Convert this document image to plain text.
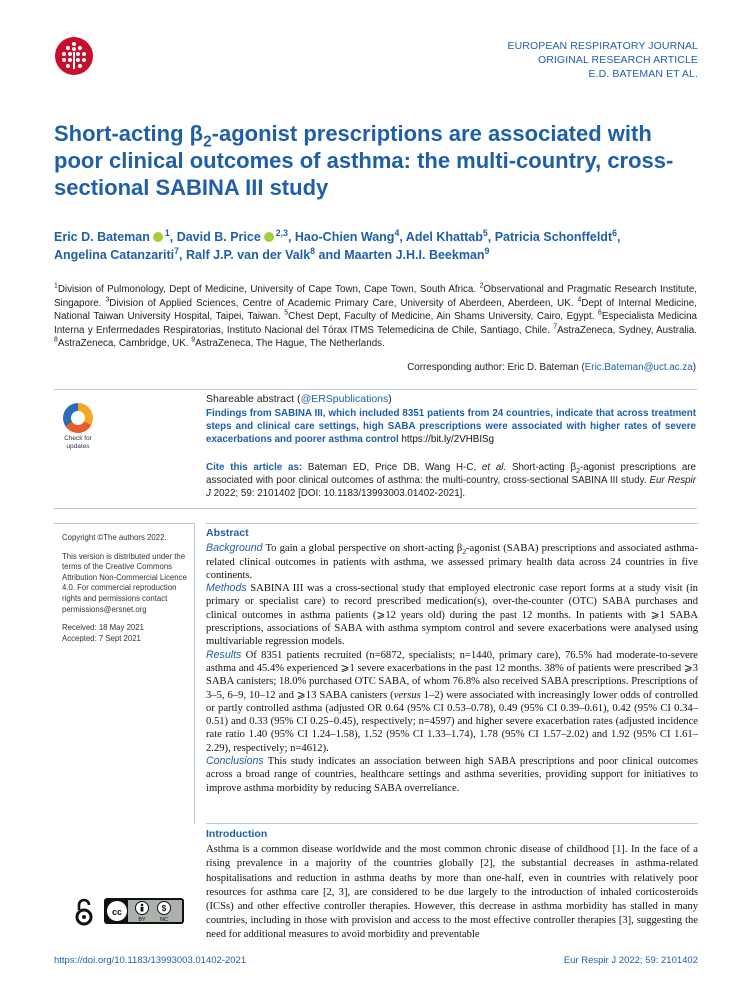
EUROPEAN RESPIRATORY JOURNAL
ORIGINAL RESEARCH ARTICLE
E.D. BATEMAN ET AL.
Short-acting $\beta_2$-agonist prescriptions are associated with poor clinical outcomes of asthma: the multi-country, cross-sectional SABINA III study
Eric D. Bateman $^1$, David B. Price $^{2,3}$, Hao-Chien Wang$^4$, Adel Khattab$^5$, Patricia Schonffeldt$^6$,
Angelina Catanzariti$^7$, Ralf J.P. van der Valk$^8$ and Maarten J.H.I. Beekman$^9$
$^1$Division of Pulmonology, Dept of Medicine, University of Cape Town, Cape Town, South Africa. $^2$Observational and Pragmatic Research Institute, Singapore. $^3$Division of Applied Sciences, Centre of Academic Primary Care, University of Aberdeen, Aberdeen, UK. $^4$Dept of Internal Medicine, National Taiwan University Hospital, Taipei, Taiwan. $^5$Chest Dept, Faculty of Medicine, Ain Shams University, Cairo, Egypt. $^6$Especialista Medicina Interna y Enfermedades Respiratorias, Instituto Nacional del Tórax ITMS Telemedicina de Chile, Santiago, Chile. $^7$AstraZeneca, Sydney, Australia. $^8$AstraZeneca, Cambridge, UK. $^9$AstraZeneca, The Hague, The Netherlands.
Corresponding author: Eric D. Bateman (Eric.Bateman@uct.ac.za)
Check for updates
Shareable abstract (@ERSpublications)
Findings from SABINA III, which included 8351 patients from 24 countries, indicate that across treatment steps and clinical care settings, high SABA prescriptions were associated with higher rates of severe exacerbations and poorer asthma control https://bit.ly/2VHBISg
Cite this article as: Bateman ED, Price DB, Wang H-C, et al. Short-acting $\beta_2$-agonist prescriptions are associated with poor clinical outcomes of asthma: the multi-country, cross-sectional SABINA III study. Eur Respir J 2022; 59: 2101402 [DOI: 10.1183/13993003.01402-2021].

Copyright ©The authors 2022.

This version is distributed under the terms of the Creative Commons Attribution Non-Commercial Licence 4.0. For commercial reproduction rights and permissions contact permissions@ersnet.org

Received: 18 May 2021

Accepted: 7 Sept 2021

Abstract
Background To gain a global perspective on short-acting $\beta_2$-agonist (SABA) prescriptions and associated asthma-related clinical outcomes in patients with asthma, we assessed primary health data across 24 countries in five continents.
Methods SABINA III was a cross-sectional study that employed electronic case report forms at a study visit (in primary or specialist care) to record prescribed medication(s), over-the-counter (OTC) SABA purchases and clinical outcomes in asthma patients (⩾12 years old) during the past 12 months. In patients with ⩾1 SABA prescriptions, associations of SABA with asthma symptom control and severe exacerbations were analysed using multivariable regression models.
Results Of 8351 patients recruited (n=6872, specialists; n=1440, primary care), 76.5% had moderate-to-severe asthma and 45.4% experienced ⩾1 severe exacerbations in the past 12 months. 38% of patients were prescribed ⩾3 SABA canisters; 18.0% purchased OTC SABA, of whom 76.8% also received SABA prescriptions. Prescriptions of 3–5, 6–9, 10–12 and ⩾13 SABA canisters (versus 1–2) were associated with increasingly lower odds of controlled or partly controlled asthma (adjusted OR 0.64 (95% CI 0.53–0.78), 0.49 (95% CI 0.39–0.61), 0.42 (95% CI 0.34–0.51) and 0.33 (95% CI 0.25–0.45), respectively; n=4597) and higher severe exacerbation rates (adjusted incidence rate ratio 1.40 (95% CI 1.24–1.58), 1.52 (95% CI 1.33–1.74), 1.78 (95% CI 1.57–2.02) and 1.92 (95% CI 1.61–2.29), respectively; n=4612).
Conclusions This study indicates an association between high SABA prescriptions and poor clinical outcomes across a broad range of countries, healthcare settings and asthma severities, providing support for initiatives to improve asthma morbidity by reducing SABA overreliance.
Introduction
Asthma is a common disease worldwide and the most common chronic disease of childhood [1]. In the face of a rising prevalence in a majority of the countries globally [2], the substantial decreases in asthma-related hospitalisations and reduction in asthma deaths by more than one-half, even in countries with relatively poor resources for asthma care [2, 3], are considered to be due largely to the introduction of inhaled corticosteroids (ICSs) and other effective controller therapies. However, this decrease in asthma morbidity has stalled in many countries, including in those with provision and access to the most effective controller therapies [3], suggesting the need for additional measures to avoid morbidity and preventable
cc	$
BY	NC
https://doi.org/10.1183/13993003.01402-2021	Eur Respir J 2022; 59: 2101402
